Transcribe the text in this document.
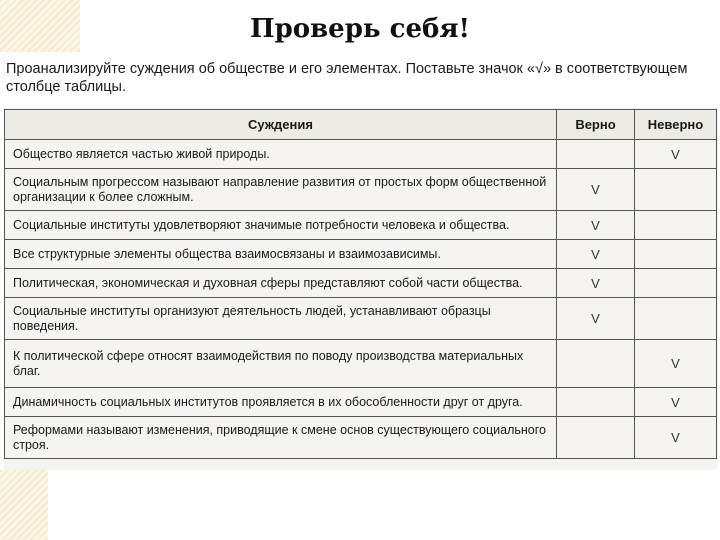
Проверь себя!

Проанализируйте суждения об обществе и его элементах. Поставьте значок «√» в соответствующем столбце таблицы.

Суждения	Верно	Неверно
Общество является частью живой природы.		V
Социальным прогрессом называют направление развития от простых форм общественной организации к более сложным.	V	
Социальные институты удовлетворяют значимые потребности человека и общества.	V	
Все структурные элементы общества взаимосвязаны и взаимозависимы.	V	
Политическая, экономическая и духовная сферы представляют собой части общества.	V	
Социальные институты организуют деятельность людей, устанавливают образцы поведения.	V	
К политической сфере относят взаимодействия по поводу производства материальных благ.		V
Динамичность социальных институтов проявляется в их обособленности друг от друга.		V
Реформами называют изменения, приводящие к смене основ существующего социального строя.		V
